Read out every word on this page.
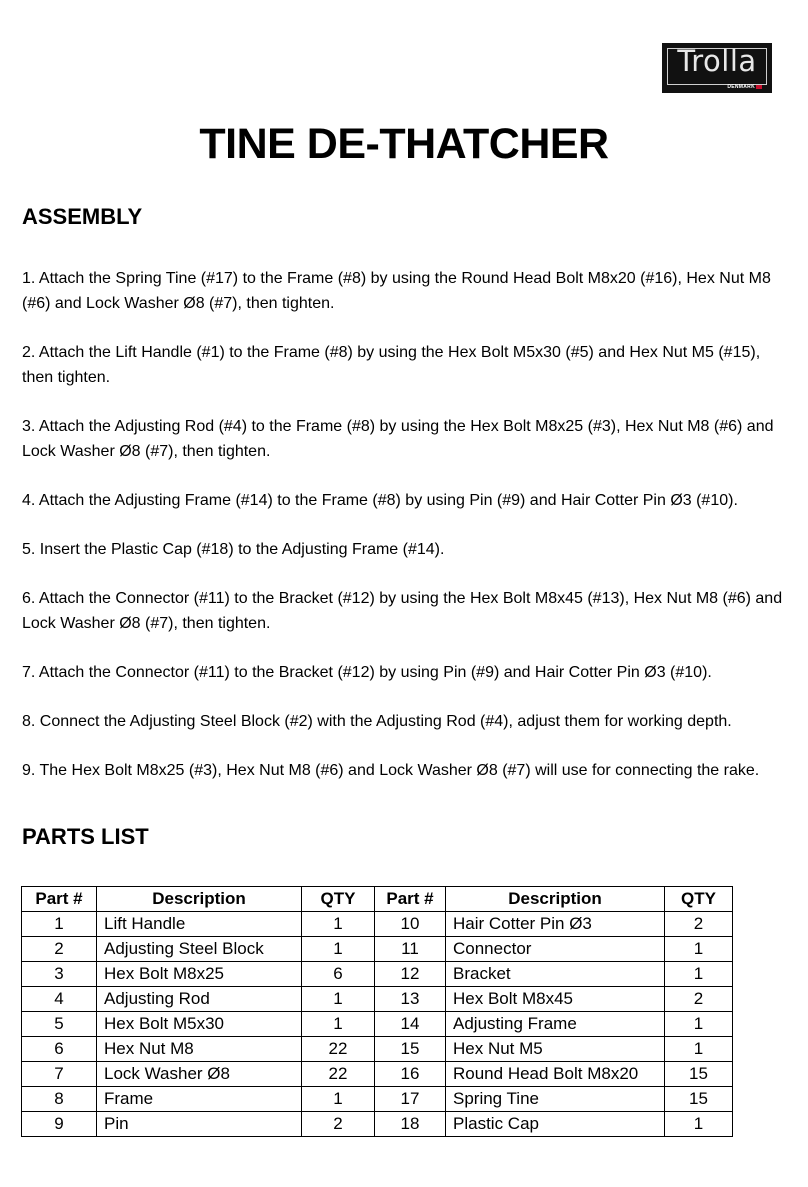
Trolla
DENMARK
TINE DE-THATCHER
ASSEMBLY

1. Attach the Spring Tine (#17) to the Frame (#8) by using the Round Head Bolt M8x20 (#16), Hex Nut M8 (#6) and Lock Washer Ø8 (#7), then tighten.

2. Attach the Lift Handle (#1) to the Frame (#8) by using the Hex Bolt M5x30 (#5) and Hex Nut M5 (#15), then tighten.

3. Attach the Adjusting Rod (#4) to the Frame (#8) by using the Hex Bolt M8x25 (#3), Hex Nut M8 (#6) and Lock Washer Ø8 (#7), then tighten.

4. Attach the Adjusting Frame (#14) to the Frame (#8) by using Pin (#9) and Hair Cotter Pin Ø3 (#10).

5. Insert the Plastic Cap (#18) to the Adjusting Frame (#14).

6. Attach the Connector (#11) to the Bracket (#12) by using the Hex Bolt M8x45 (#13), Hex Nut M8 (#6) and Lock Washer Ø8 (#7), then tighten.

7. Attach the Connector (#11) to the Bracket (#12) by using Pin (#9) and Hair Cotter Pin Ø3 (#10).

8. Connect the Adjusting Steel Block (#2) with the Adjusting Rod (#4), adjust them for working depth.

9. The Hex Bolt M8x25 (#3), Hex Nut M8 (#6) and Lock Washer Ø8 (#7) will use for connecting the rake.

PARTS LIST
Part #	Description	QTY	Part #	Description	QTY
1	Lift Handle	1	10	Hair Cotter Pin Ø3	2
2	Adjusting Steel Block	1	11	Connector	1
3	Hex Bolt M8x25	6	12	Bracket	1
4	Adjusting Rod	1	13	Hex Bolt M8x45	2
5	Hex Bolt M5x30	1	14	Adjusting Frame	1
6	Hex Nut M8	22	15	Hex Nut M5	1
7	Lock Washer Ø8	22	16	Round Head Bolt M8x20	15
8	Frame	1	17	Spring Tine	15
9	Pin	2	18	Plastic Cap	1
